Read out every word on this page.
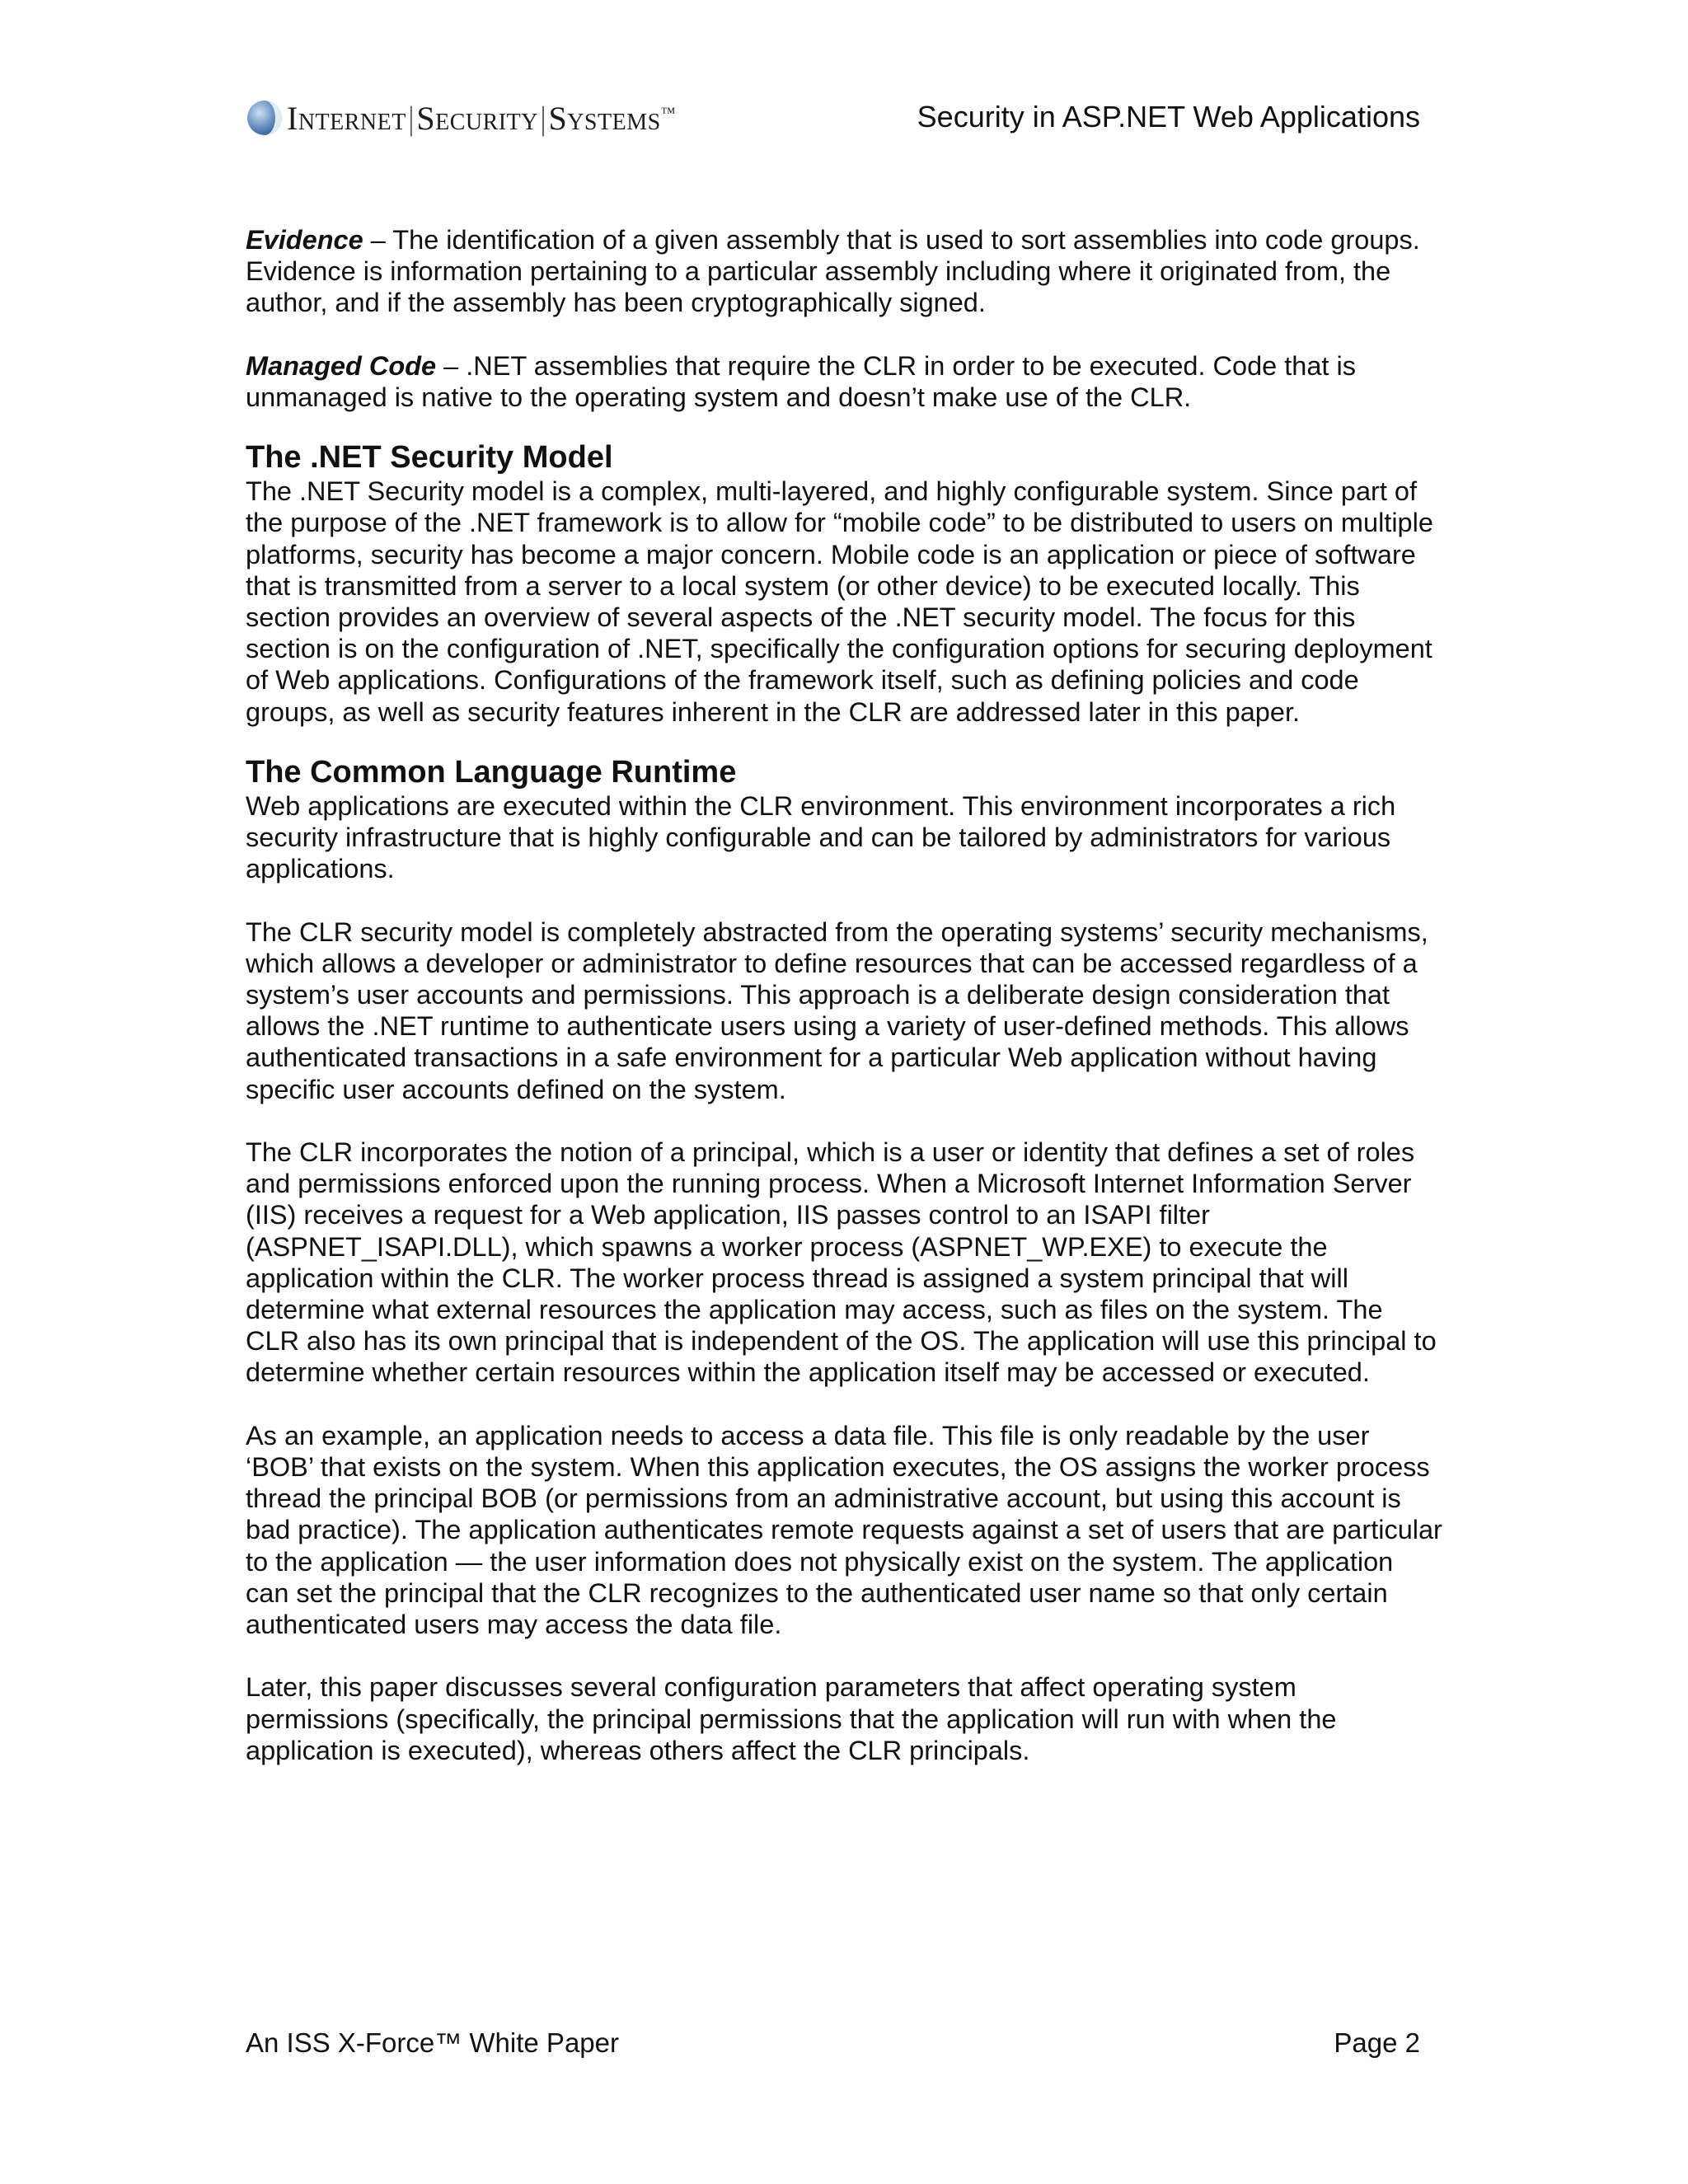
Internet|Security|Systems™	Security in ASP.NET Web Applications

Evidence – The identification of a given assembly that is used to sort assemblies into code groups. Evidence is information pertaining to a particular assembly including where it originated from, the author, and if the assembly has been cryptographically signed.

Managed Code – .NET assemblies that require the CLR in order to be executed. Code that is unmanaged is native to the operating system and doesn’t make use of the CLR.

The .NET Security Model

The .NET Security model is a complex, multi-layered, and highly configurable system. Since part of the purpose of the .NET framework is to allow for “mobile code” to be distributed to users on multiple platforms, security has become a major concern. Mobile code is an application or piece of software that is transmitted from a server to a local system (or other device) to be executed locally. This section provides an overview of several aspects of the .NET security model. The focus for this section is on the configuration of .NET, specifically the configuration options for securing deployment of Web applications. Configurations of the framework itself, such as defining policies and code groups, as well as security features inherent in the CLR are addressed later in this paper.

The Common Language Runtime

Web applications are executed within the CLR environment. This environment incorporates a rich security infrastructure that is highly configurable and can be tailored by administrators for various applications.

The CLR security model is completely abstracted from the operating systems’ security mechanisms, which allows a developer or administrator to define resources that can be accessed regardless of a system’s user accounts and permissions. This approach is a deliberate design consideration that allows the .NET runtime to authenticate users using a variety of user-defined methods. This allows authenticated transactions in a safe environment for a particular Web application without having specific user accounts defined on the system.

The CLR incorporates the notion of a principal, which is a user or identity that defines a set of roles and permissions enforced upon the running process. When a Microsoft Internet Information Server (IIS) receives a request for a Web application, IIS passes control to an ISAPI filter (ASPNET_ISAPI.DLL), which spawns a worker process (ASPNET_WP.EXE) to execute the application within the CLR. The worker process thread is assigned a system principal that will determine what external resources the application may access, such as files on the system. The CLR also has its own principal that is independent of the OS. The application will use this principal to determine whether certain resources within the application itself may be accessed or executed.

As an example, an application needs to access a data file. This file is only readable by the user ‘BOB’ that exists on the system. When this application executes, the OS assigns the worker process thread the principal BOB (or permissions from an administrative account, but using this account is bad practice). The application authenticates remote requests against a set of users that are particular to the application — the user information does not physically exist on the system. The application can set the principal that the CLR recognizes to the authenticated user name so that only certain authenticated users may access the data file.

Later, this paper discusses several configuration parameters that affect operating system permissions (specifically, the principal permissions that the application will run with when the application is executed), whereas others affect the CLR principals.

An ISS X-Force™ White Paper	Page 2
